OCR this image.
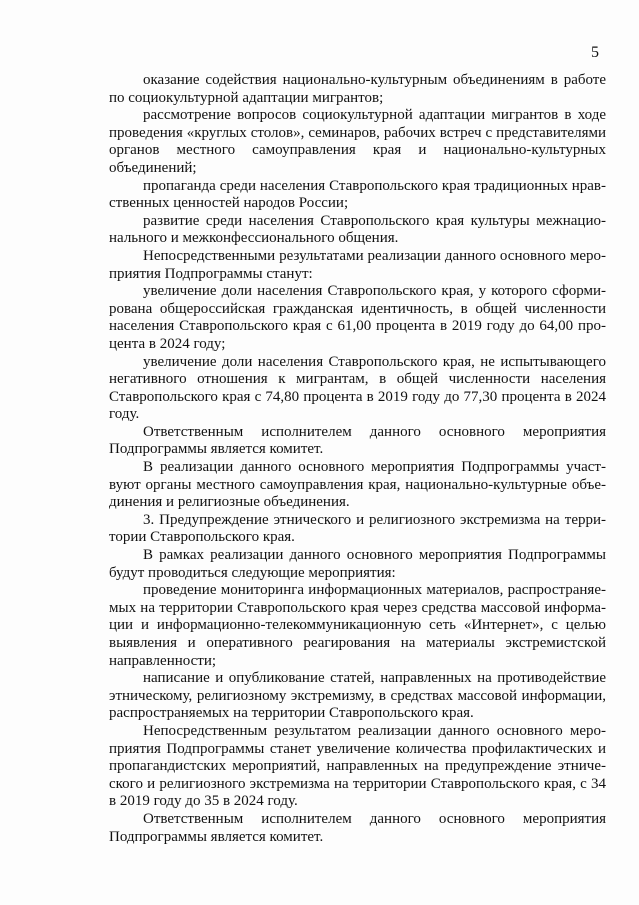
5

оказание содействия национально-культурным объединениям в работе по социокультурной адаптации мигрантов;

рассмотрение вопросов социокультурной адаптации мигрантов в ходе проведения «круглых столов», семинаров, рабочих встреч с представителями органов местного самоуправления края и национально-культурных объединений;

пропаганда среди населения Ставропольского края традиционных нравственных ценностей народов России;

развитие среди населения Ставропольского края культуры межнационального и межконфессионального общения.

Непосредственными результатами реализации данного основного мероприятия Подпрограммы станут:

увеличение доли населения Ставропольского края, у которого сформирована общероссийская гражданская идентичность, в общей численности населения Ставропольского края с 61,00 процента в 2019 году до 64,00 процента в 2024 году;

увеличение доли населения Ставропольского края, не испытывающего негативного отношения к мигрантам, в общей численности населения Ставропольского края с 74,80 процента в 2019 году до 77,30 процента в 2024 году.

Ответственным исполнителем данного основного мероприятия Подпрограммы является комитет.

В реализации данного основного мероприятия Подпрограммы участвуют органы местного самоуправления края, национально-культурные объединения и религиозные объединения.

3. Предупреждение этнического и религиозного экстремизма на территории Ставропольского края.

В рамках реализации данного основного мероприятия Подпрограммы будут проводиться следующие мероприятия:

проведение мониторинга информационных материалов, распространяемых на территории Ставропольского края через средства массовой информации и информационно-телекоммуникационную сеть «Интернет», с целью выявления и оперативного реагирования на материалы экстремистской направленности;

написание и опубликование статей, направленных на противодействие этническому, религиозному экстремизму, в средствах массовой информации, распространяемых на территории Ставропольского края.

Непосредственным результатом реализации данного основного мероприятия Подпрограммы станет увеличение количества профилактических и пропагандистских мероприятий, направленных на предупреждение этнического и религиозного экстремизма на территории Ставропольского края, с 34 в 2019 году до 35 в 2024 году.

Ответственным исполнителем данного основного мероприятия Подпрограммы является комитет.
